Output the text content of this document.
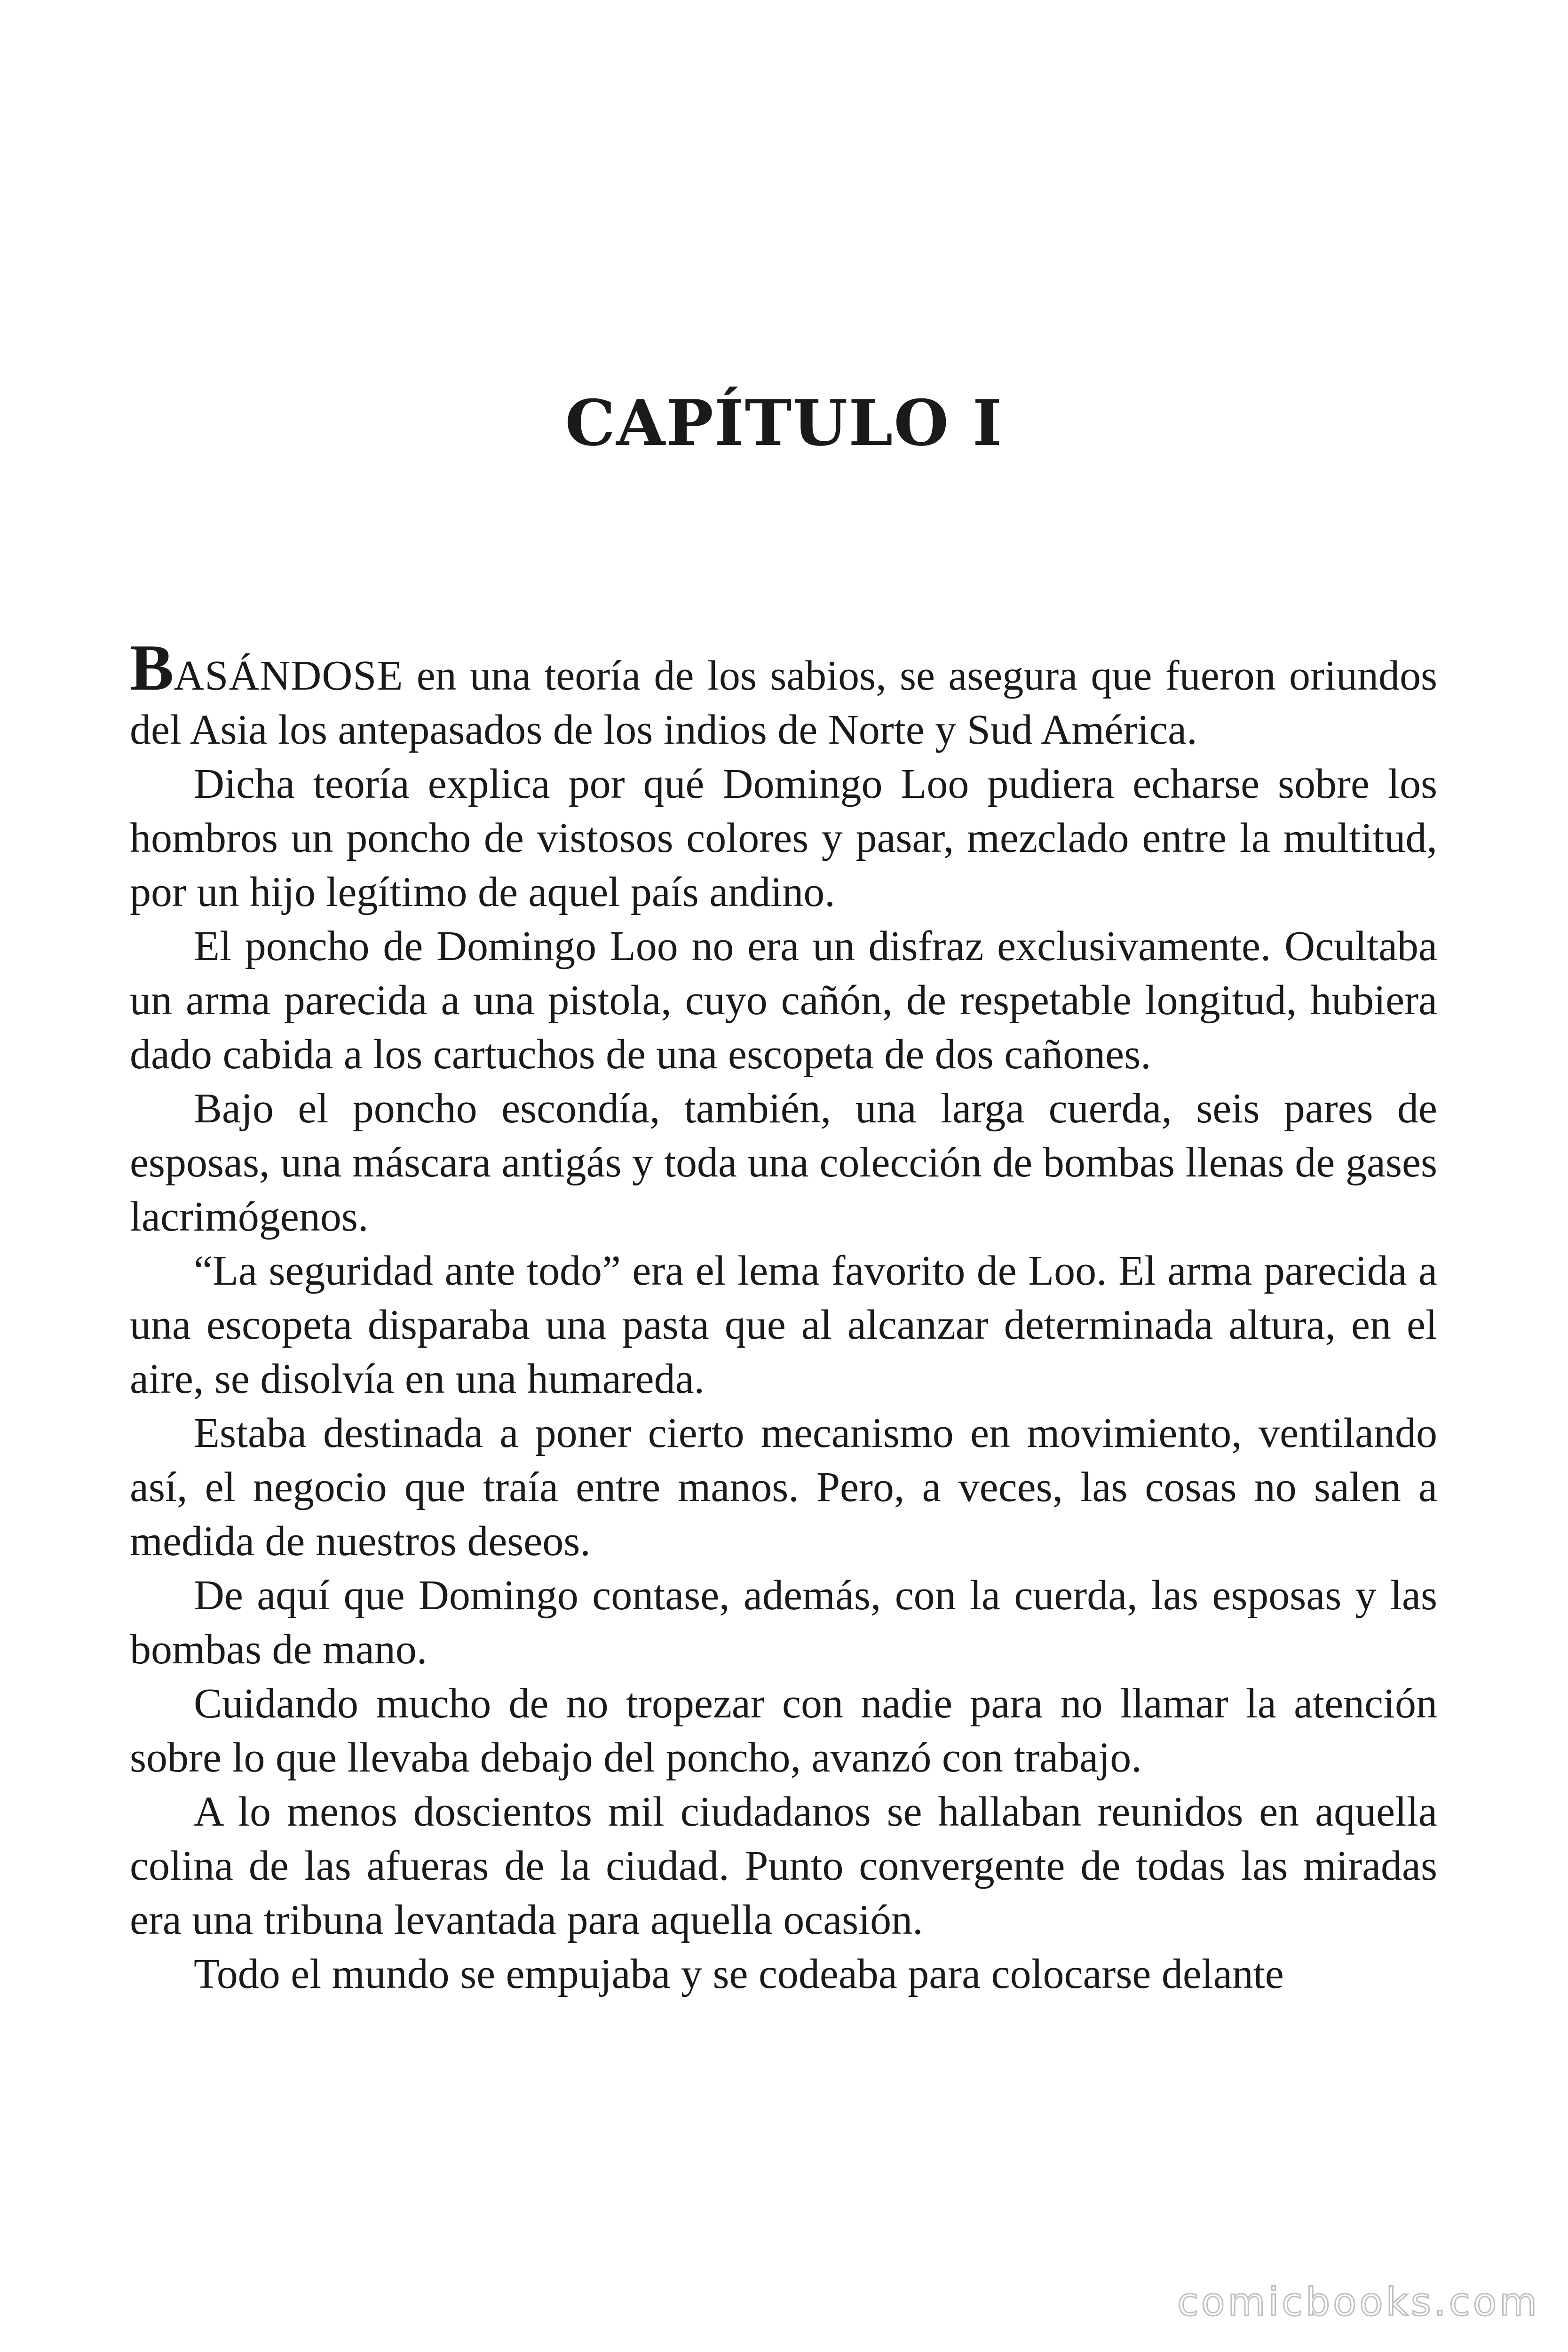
CAPÍTULO I

BASÁNDOSE en una teoría de los sabios, se asegura que fueron oriundos del Asia los antepasados de los indios de Norte y Sud América.

Dicha teoría explica por qué Domingo Loo pudiera echarse sobre los hombros un poncho de vistosos colores y pasar, mezclado entre la multitud, por un hijo legítimo de aquel país andino.

El poncho de Domingo Loo no era un disfraz exclusivamente. Ocultaba un arma parecida a una pistola, cuyo cañón, de respetable longitud, hubiera dado cabida a los cartuchos de una escopeta de dos cañones.

Bajo el poncho escondía, también, una larga cuerda, seis pares de esposas, una máscara antigás y toda una colección de bombas llenas de gases lacrimógenos.

“La seguridad ante todo” era el lema favorito de Loo. El arma parecida a una escopeta disparaba una pasta que al alcanzar determinada altura, en el aire, se disolvía en una humareda.

Estaba destinada a poner cierto mecanismo en movimiento, ventilando así, el negocio que traía entre manos. Pero, a veces, las cosas no salen a medida de nuestros deseos.

De aquí que Domingo contase, además, con la cuerda, las esposas y las bombas de mano.

Cuidando mucho de no tropezar con nadie para no llamar la atención sobre lo que llevaba debajo del poncho, avanzó con trabajo.

A lo menos doscientos mil ciudadanos se hallaban reunidos en aquella colina de las afueras de la ciudad. Punto convergente de todas las miradas era una tribuna levantada para aquella ocasión.

Todo el mundo se empujaba y se codeaba para colocarse delante

comicbooks.com
